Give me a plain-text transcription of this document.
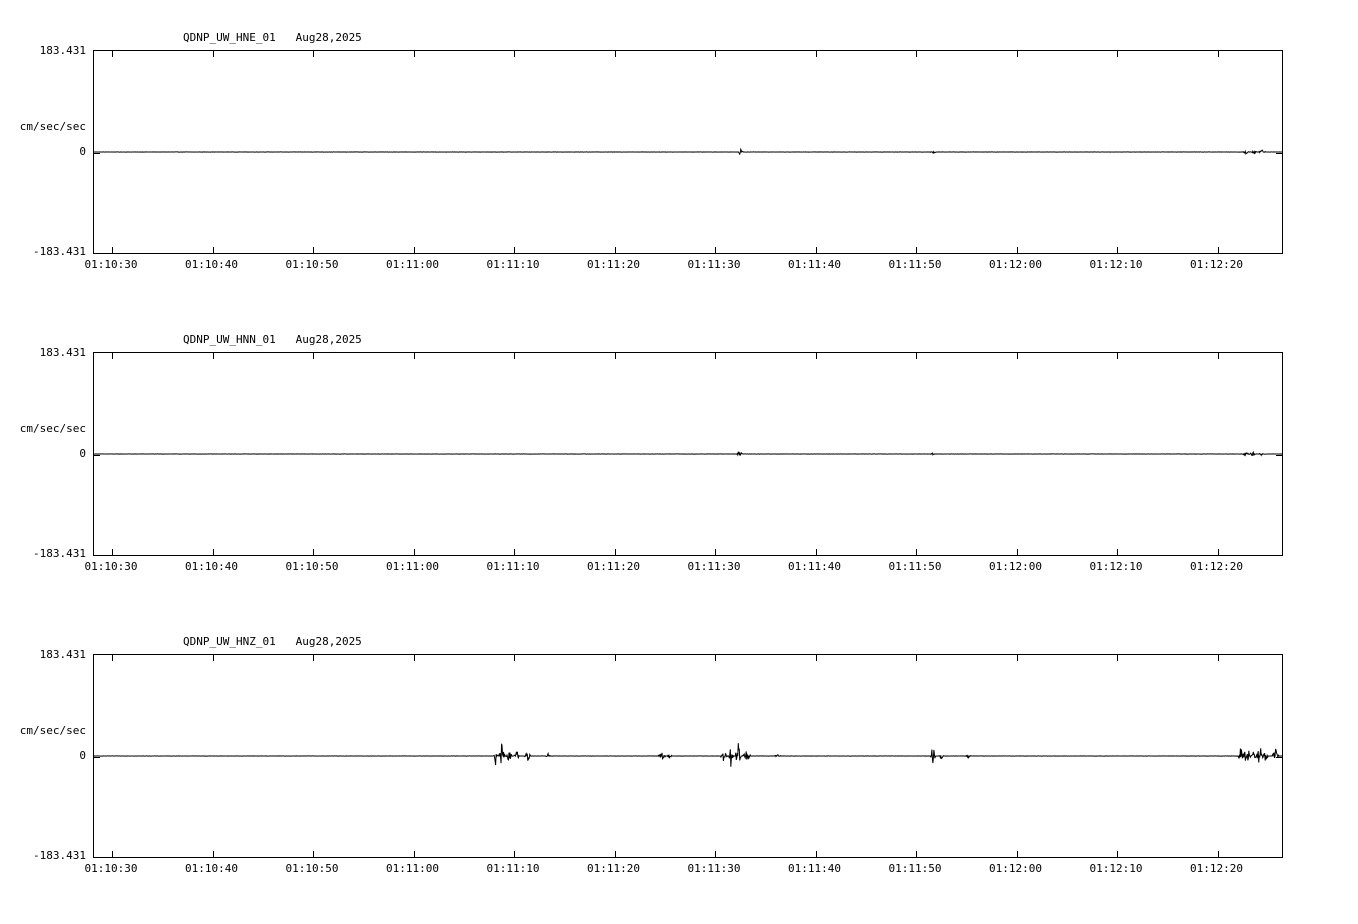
QDNP_UW_HNE_01   Aug28,2025
183.431
cm/sec/sec
0
-183.431
01:10:30	01:10:40	01:10:50	01:11:00	01:11:10	01:11:20	01:11:30	01:11:40	01:11:50	01:12:00	01:12:10	01:12:20
QDNP_UW_HNN_01   Aug28,2025
183.431
cm/sec/sec
0
-183.431
01:10:30	01:10:40	01:10:50	01:11:00	01:11:10	01:11:20	01:11:30	01:11:40	01:11:50	01:12:00	01:12:10	01:12:20
QDNP_UW_HNZ_01   Aug28,2025
183.431
cm/sec/sec
0
-183.431
01:10:30	01:10:40	01:10:50	01:11:00	01:11:10	01:11:20	01:11:30	01:11:40	01:11:50	01:12:00	01:12:10	01:12:20
